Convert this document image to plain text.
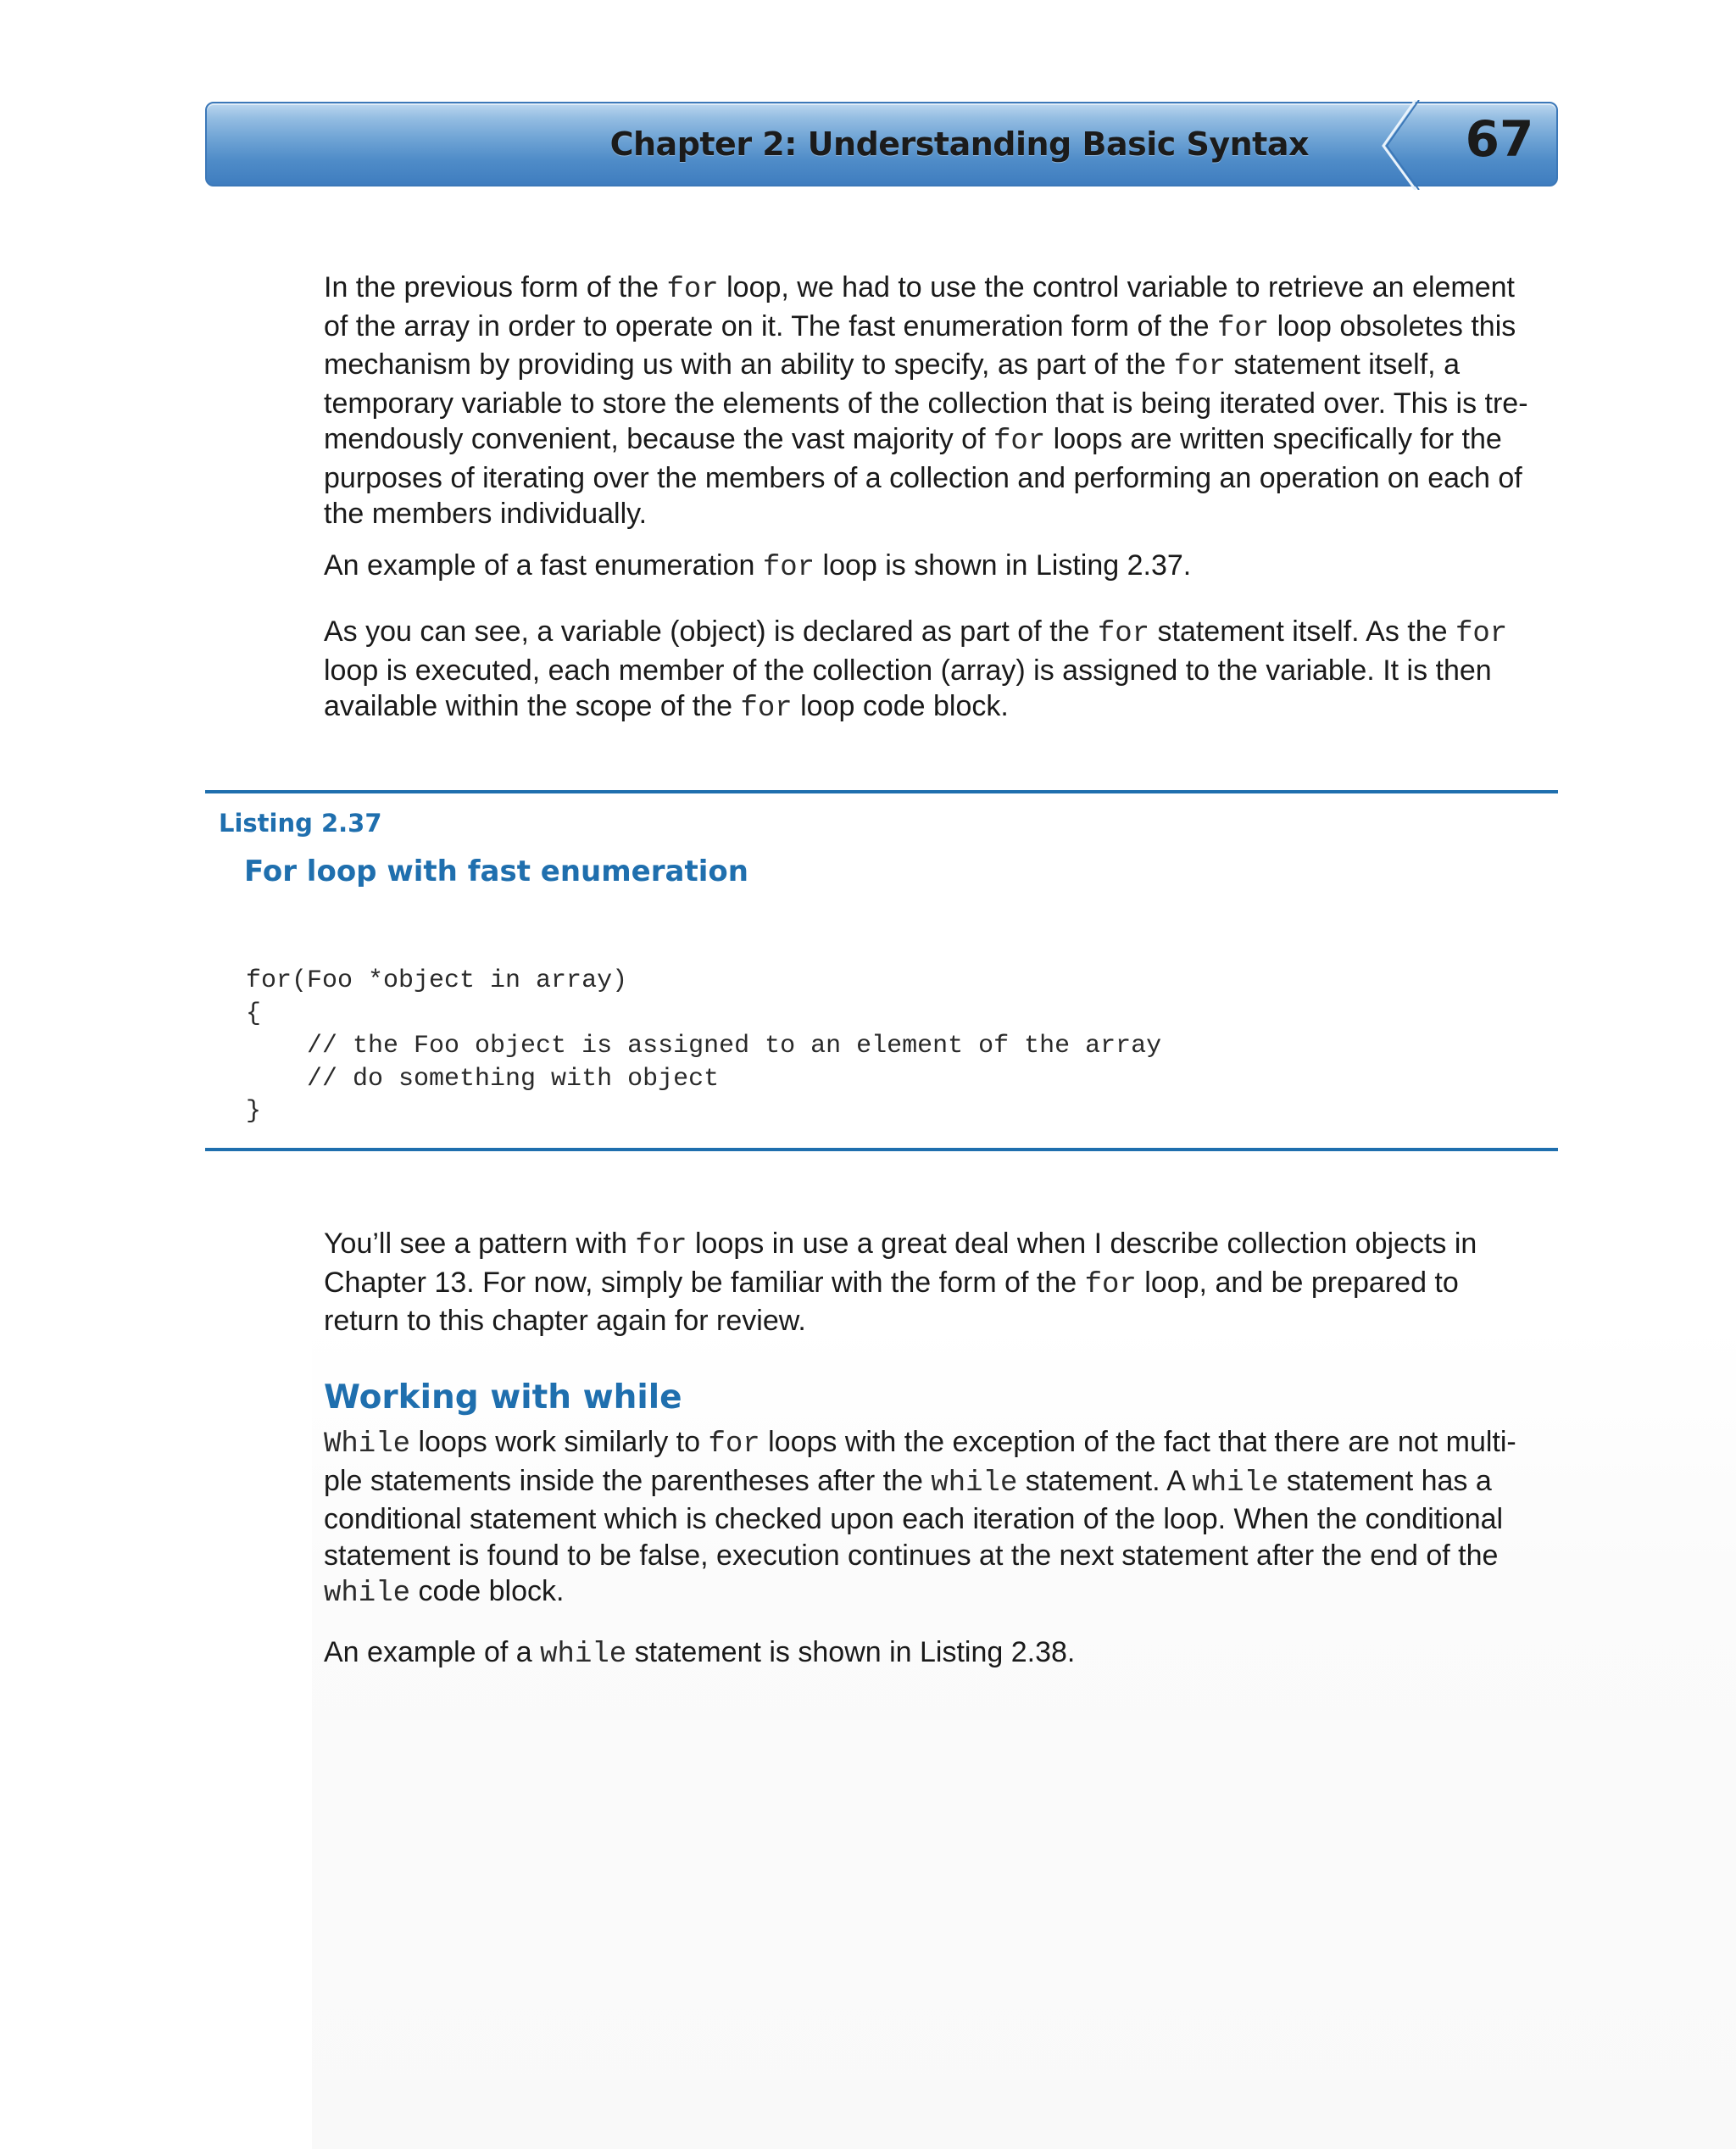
Chapter 2: Understanding Basic Syntax	67

In the previous form of the for loop, we had to use the control variable to retrieve an element
of the array in order to operate on it. The fast enumeration form of the for loop obsoletes this
mechanism by providing us with an ability to specify, as part of the for statement itself, a
temporary variable to store the elements of the collection that is being iterated over. This is tre-
mendously convenient, because the vast majority of for loops are written specifically for the
purposes of iterating over the members of a collection and performing an operation on each of
the members individually.

An example of a fast enumeration for loop is shown in Listing 2.37.

As you can see, a variable (object) is declared as part of the for statement itself. As the for
loop is executed, each member of the collection (array) is assigned to the variable. It is then
available within the scope of the for loop code block.

Listing 2.37
For loop with fast enumeration
for(Foo *object in array)
{
// the Foo object is assigned to an element of the array
// do something with object
}

You’ll see a pattern with for loops in use a great deal when I describe collection objects in
Chapter 13. For now, simply be familiar with the form of the for loop, and be prepared to
return to this chapter again for review.

Working with while

While loops work similarly to for loops with the exception of the fact that there are not multi-
ple statements inside the parentheses after the while statement. A while statement has a
conditional statement which is checked upon each iteration of the loop. When the conditional
statement is found to be false, execution continues at the next statement after the end of the
while code block.

An example of a while statement is shown in Listing 2.38.
